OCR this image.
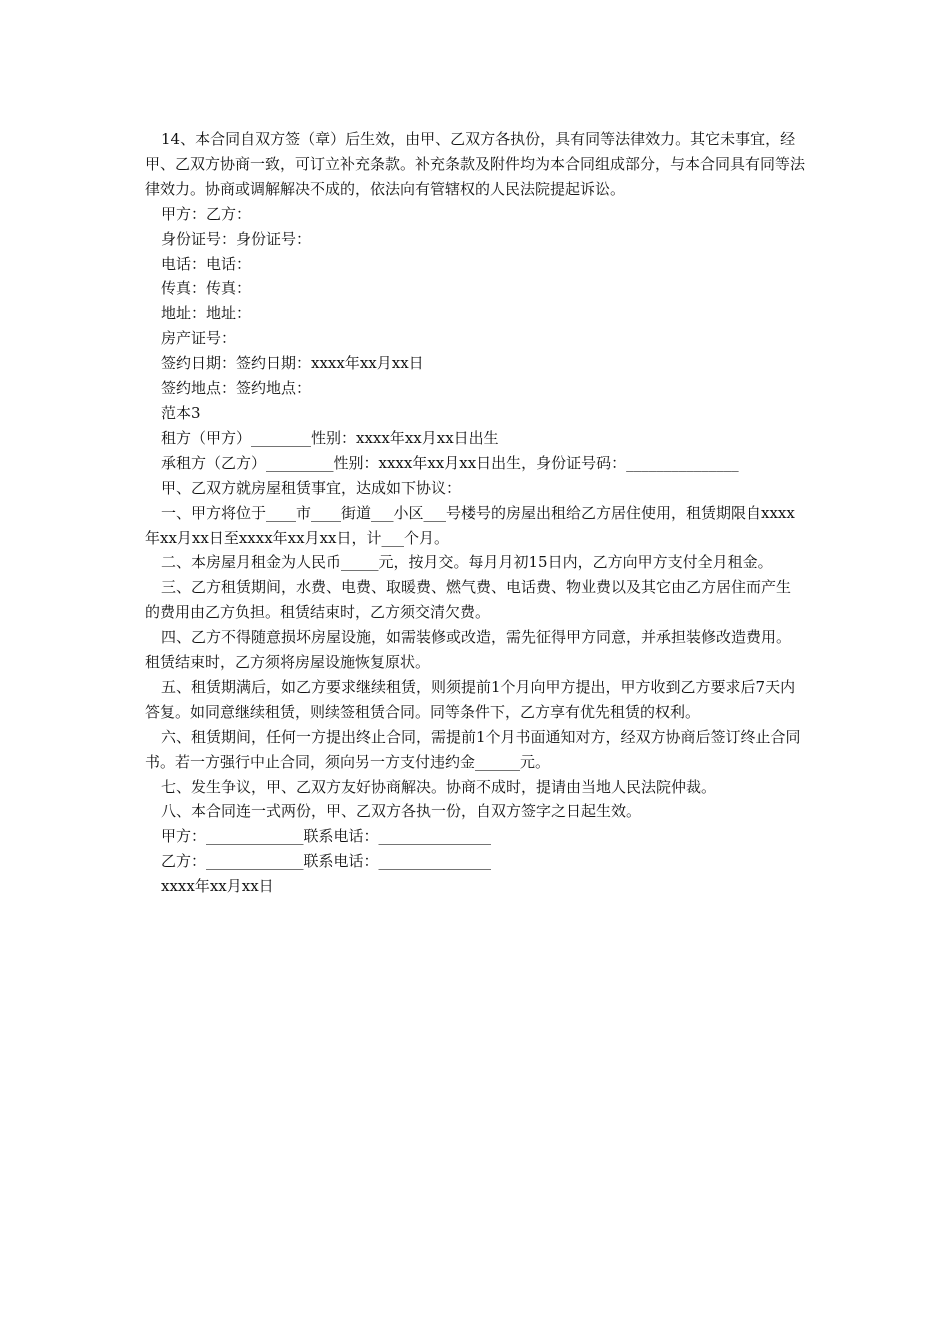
14、本合同自双方签（章）后生效，由甲、乙双方各执份，具有同等法律效力。其它未事宜，经甲、乙双方协商一致，可订立补充条款。补充条款及附件均为本合同组成部分，与本合同具有同等法律效力。协商或调解解决不成的，依法向有管辖权的人民法院提起诉讼。

甲方：乙方：

身份证号：身份证号：

电话：电话：

传真：传真：

地址：地址：

房产证号：

签约日期：签约日期：xxxx年xx月xx日

签约地点：签约地点：

范本3

租方（甲方）________性别：xxxx年xx月xx日出生

承租方（乙方）_________性别：xxxx年xx月xx日出生，身份证号码：_______________

甲、乙双方就房屋租赁事宜，达成如下协议：

一、甲方将位于____市____街道___小区___号楼号的房屋出租给乙方居住使用，租赁期限自xxxx年xx月xx日至xxxx年xx月xx日，计___个月。

二、本房屋月租金为人民币_____元，按月交。每月月初15日内，乙方向甲方支付全月租金。

三、乙方租赁期间，水费、电费、取暖费、燃气费、电话费、物业费以及其它由乙方居住而产生的费用由乙方负担。租赁结束时，乙方须交清欠费。

四、乙方不得随意损坏房屋设施，如需装修或改造，需先征得甲方同意，并承担装修改造费用。租赁结束时，乙方须将房屋设施恢复原状。

五、租赁期满后，如乙方要求继续租赁，则须提前1个月向甲方提出，甲方收到乙方要求后7天内答复。如同意继续租赁，则续签租赁合同。同等条件下，乙方享有优先租赁的权利。

六、租赁期间，任何一方提出终止合同，需提前1个月书面通知对方，经双方协商后签订终止合同书。若一方强行中止合同，须向另一方支付违约金______元。

七、发生争议，甲、乙双方友好协商解决。协商不成时，提请由当地人民法院仲裁。

八、本合同连一式两份，甲、乙双方各执一份，自双方签字之日起生效。

甲方：_____________联系电话：_______________

乙方：_____________联系电话：_______________

xxxx年xx月xx日
